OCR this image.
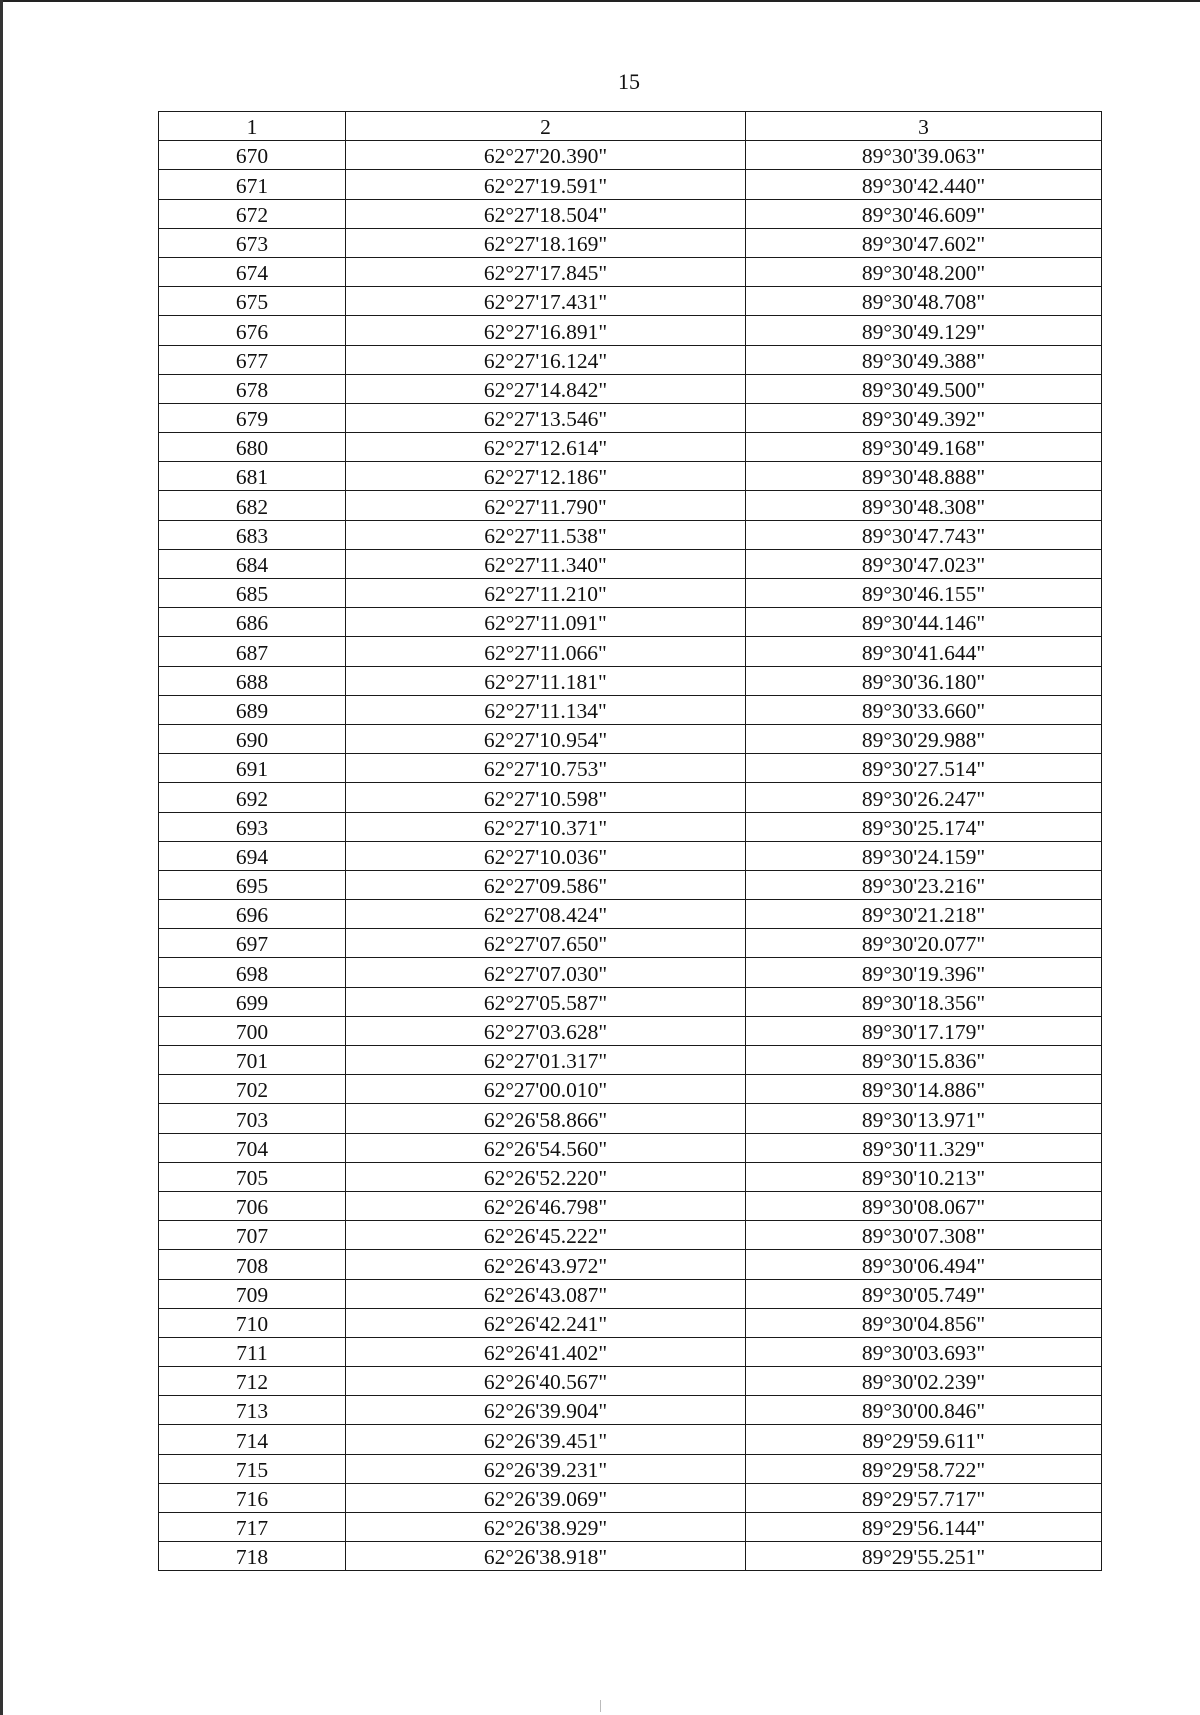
15
1	2	3
670	62°27'20.390"	89°30'39.063"
671	62°27'19.591"	89°30'42.440"
672	62°27'18.504"	89°30'46.609"
673	62°27'18.169"	89°30'47.602"
674	62°27'17.845"	89°30'48.200"
675	62°27'17.431"	89°30'48.708"
676	62°27'16.891"	89°30'49.129"
677	62°27'16.124"	89°30'49.388"
678	62°27'14.842"	89°30'49.500"
679	62°27'13.546"	89°30'49.392"
680	62°27'12.614"	89°30'49.168"
681	62°27'12.186"	89°30'48.888"
682	62°27'11.790"	89°30'48.308"
683	62°27'11.538"	89°30'47.743"
684	62°27'11.340"	89°30'47.023"
685	62°27'11.210"	89°30'46.155"
686	62°27'11.091"	89°30'44.146"
687	62°27'11.066"	89°30'41.644"
688	62°27'11.181"	89°30'36.180"
689	62°27'11.134"	89°30'33.660"
690	62°27'10.954"	89°30'29.988"
691	62°27'10.753"	89°30'27.514"
692	62°27'10.598"	89°30'26.247"
693	62°27'10.371"	89°30'25.174"
694	62°27'10.036"	89°30'24.159"
695	62°27'09.586"	89°30'23.216"
696	62°27'08.424"	89°30'21.218"
697	62°27'07.650"	89°30'20.077"
698	62°27'07.030"	89°30'19.396"
699	62°27'05.587"	89°30'18.356"
700	62°27'03.628"	89°30'17.179"
701	62°27'01.317"	89°30'15.836"
702	62°27'00.010"	89°30'14.886"
703	62°26'58.866"	89°30'13.971"
704	62°26'54.560"	89°30'11.329"
705	62°26'52.220"	89°30'10.213"
706	62°26'46.798"	89°30'08.067"
707	62°26'45.222"	89°30'07.308"
708	62°26'43.972"	89°30'06.494"
709	62°26'43.087"	89°30'05.749"
710	62°26'42.241"	89°30'04.856"
711	62°26'41.402"	89°30'03.693"
712	62°26'40.567"	89°30'02.239"
713	62°26'39.904"	89°30'00.846"
714	62°26'39.451"	89°29'59.611"
715	62°26'39.231"	89°29'58.722"
716	62°26'39.069"	89°29'57.717"
717	62°26'38.929"	89°29'56.144"
718	62°26'38.918"	89°29'55.251"
